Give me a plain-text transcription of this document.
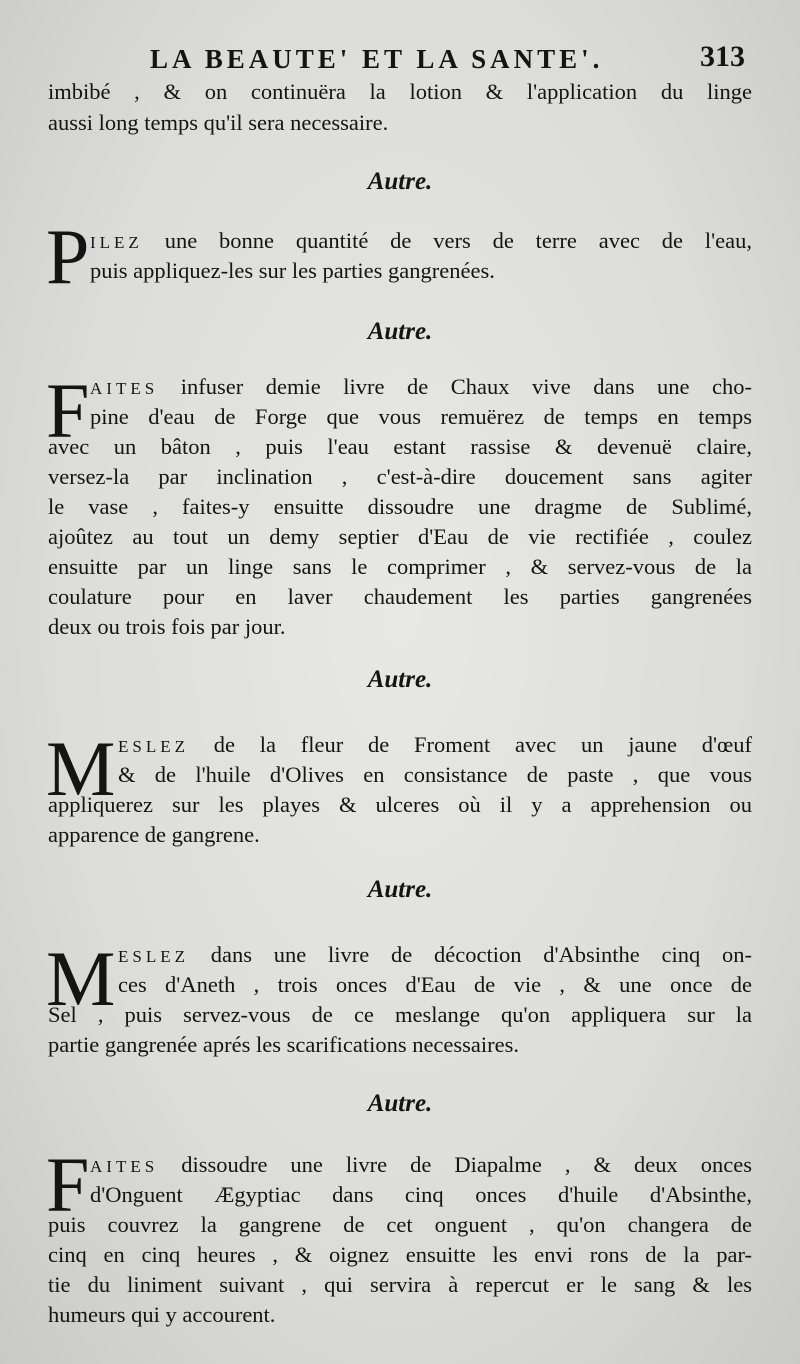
LA BEAUTE' ET LA SANTE'.	313
imbibé , & on continuëra la lotion & l'application du linge
aussi long temps qu'il sera necessaire.
Autre.
P ILEZ une bonne quantité de vers de terre avec de l'eau,
puis appliquez-les sur les parties gangrenées.
Autre.
F AITES infuser demie livre de Chaux vive dans une cho-
pine d'eau de Forge que vous remuërez de temps en temps
avec un bâton , puis l'eau estant rassise & devenuë claire,
versez-la par inclination , c'est-à-dire doucement sans agiter
le vase , faites-y ensuitte dissoudre une dragme de Sublimé,
ajoûtez au tout un demy septier d'Eau de vie rectifiée , coulez
ensuitte par un linge sans le comprimer , & servez-vous de la
coulature pour en laver chaudement les parties gangrenées
deux ou trois fois par jour.
Autre.
M ESLEZ de la fleur de Froment avec un jaune d'œuf
& de l'huile d'Olives en consistance de paste , que vous
appliquerez sur les playes & ulceres où il y a apprehension ou
apparence de gangrene.
Autre.
M ESLEZ dans une livre de décoction d'Absinthe cinq on-
ces d'Aneth , trois onces d'Eau de vie , & une once de
Sel , puis servez-vous de ce meslange qu'on appliquera sur la
partie gangrenée aprés les scarifications necessaires.
Autre.
F AITES dissoudre une livre de Diapalme , & deux onces
d'Onguent Ægyptiac dans cinq onces d'huile d'Absinthe,
puis couvrez la gangrene de cet onguent , qu'on changera de
cinq en cinq heures , & oignez ensuitte les envi rons de la par-
tie du liniment suivant , qui servira à repercut er le sang & les
humeurs qui y accourent.
